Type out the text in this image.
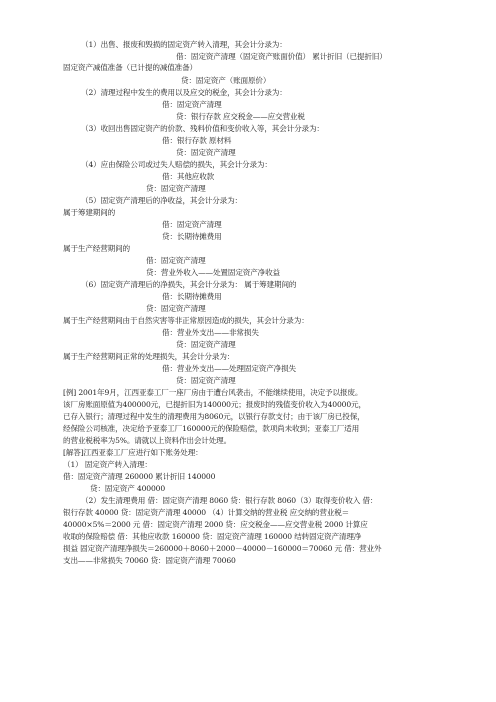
（1）出售、报废和毁损的固定资产转入清理，其会计分录为：
借：固定资产清理（固定资产账面价值） 累计折旧（已提折旧）
固定资产减值准备（已计提的减值准备）
贷：固定资产（账面原价）
（2）清理过程中发生的费用以及应交的税金，其会计分录为：
借：固定资产清理
贷：银行存款 应交税金——应交营业税
（3）收回出售固定资产的价款、残料价值和变价收入等，其会计分录为：
借：银行存款 原材料
贷：固定资产清理
（4）应由保险公司或过失人赔偿的损失，其会计分录为：
借：其他应收款
贷：固定资产清理
（5）固定资产清理后的净收益，其会计分录为：
属于筹建期间的
借：固定资产清理
贷：长期待摊费用
属于生产经营期间的
借：固定资产清理
贷：营业外收入——处置固定资产净收益
（6）固定资产清理后的净损失，其会计分录为： 属于筹建期间的
借：长期待摊费用
贷：固定资产清理
属于生产经营期间由于自然灾害等非正常原因造成的损失，其会计分录为：
借：营业外支出——非常损失
贷：固定资产清理
属于生产经营期间正常的处理损失，其会计分录为：
借：营业外支出——处理固定资产净损失
贷：固定资产清理
[例] 2001年9月，江西亚泰工厂一座厂房由于遭台风袭击，不能继续使用，决定予以报废。
该厂房账面原值为400000元，已提折旧为140000元；报废时的残值变价收入为40000元，
已存入银行；清理过程中发生的清理费用为8060元，以银行存款支付；由于该厂房已投保，
经保险公司核准，决定给予亚泰工厂160000元的保险赔偿，款项尚未收到；亚泰工厂适用
的营业税税率为5%。请就以上资料作出会计处理。
[解答]江西亚泰工厂应进行如下账务处理：
（1） 固定资产转入清理：
借：固定资产清理 260000 累计折旧 140000
贷：固定资产 400000
（2）发生清理费用 借：固定资产清理 8060 贷：银行存款 8060（3）取得变价收入 借：
银行存款 40000 贷：固定资产清理 40000 （4）计算交纳的营业税 应交纳的营业税＝
40000×5%＝2000 元 借：固定资产清理 2000 贷：应交税金——应交营业税 2000 计算应
收取的保险赔偿 借：其他应收款 160000 贷：固定资产清理 160000 结转固定资产清理净
损益 固定资产清理净损失＝260000＋8060＋2000－40000－160000＝70060 元 借：营业外
支出——非常损失 70060 贷：固定资产清理 70060
